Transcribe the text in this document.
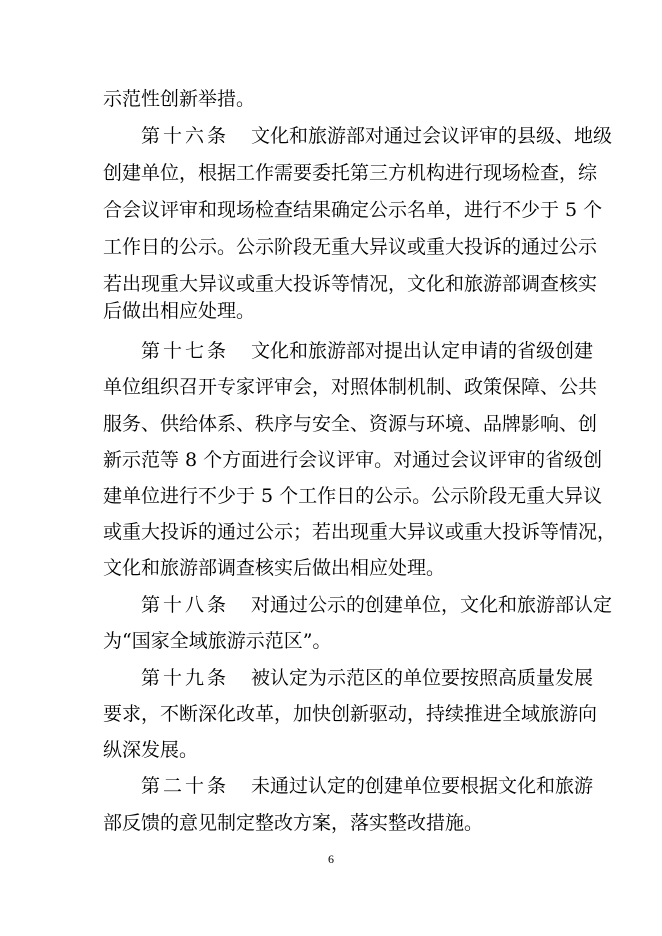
示范性创新举措。
第十六条 文化和旅游部对通过会议评审的县级、地级
创建单位，根据工作需要委托第三方机构进行现场检查，综
合会议评审和现场检查结果确定公示名单，进行不少于 5 个
工作日的公示。公示阶段无重大异议或重大投诉的通过公示
若出现重大异议或重大投诉等情况，文化和旅游部调查核实
后做出相应处理。
第十七条 文化和旅游部对提出认定申请的省级创建
单位组织召开专家评审会，对照体制机制、政策保障、公共
服务、供给体系、秩序与安全、资源与环境、品牌影响、创
新示范等 8 个方面进行会议评审。对通过会议评审的省级创
建单位进行不少于 5 个工作日的公示。公示阶段无重大异议
或重大投诉的通过公示；若出现重大异议或重大投诉等情况，
文化和旅游部调查核实后做出相应处理。
第十八条 对通过公示的创建单位，文化和旅游部认定
为“国家全域旅游示范区”。
第十九条 被认定为示范区的单位要按照高质量发展
要求，不断深化改革，加快创新驱动，持续推进全域旅游向
纵深发展。
第二十条 未通过认定的创建单位要根据文化和旅游
部反馈的意见制定整改方案，落实整改措施。
6
